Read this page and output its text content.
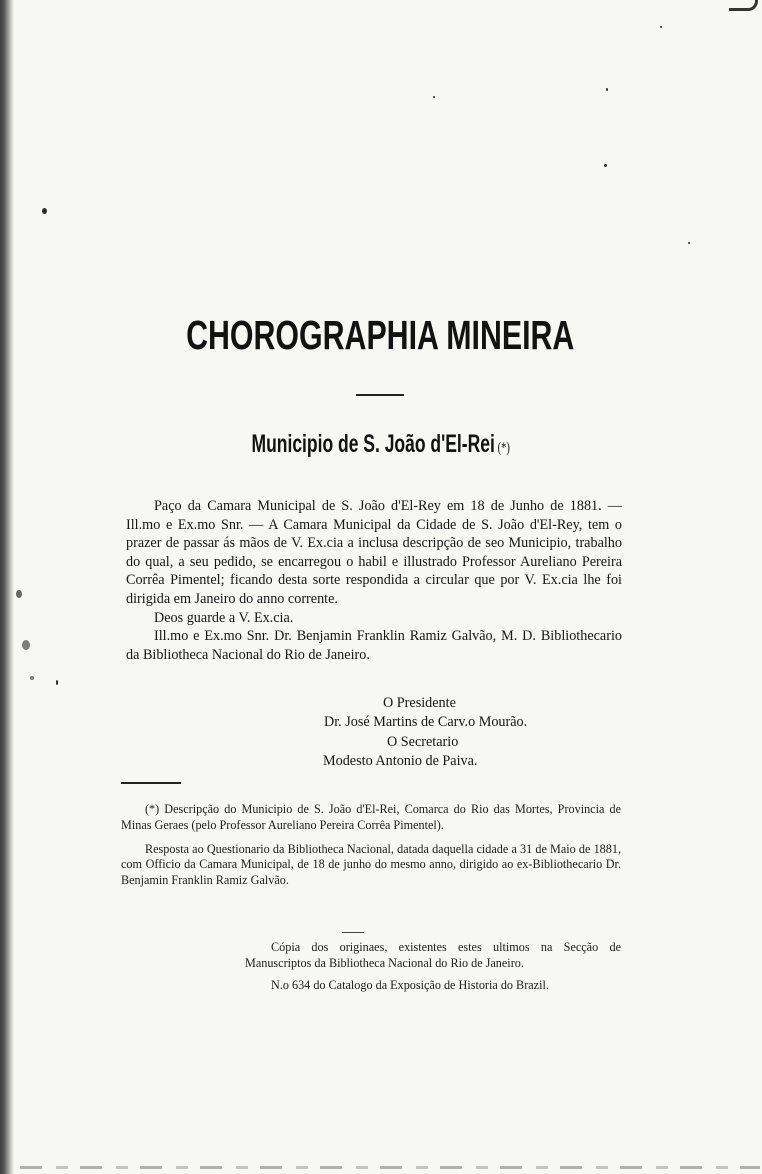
CHOROGRAPHIA MINEIRA
Municipio de S. João d'El-Rei (*)

Paço da Camara Municipal de S. João d'El-Rey em 18 de Junho de 1881. — Ill.mo e Ex.mo Snr. — A Camara Municipal da Cidade de S. João d'El-Rey, tem o prazer de passar ás mãos de V. Ex.cia a inclusa descripção de seo Municipio, trabalho do qual, a seu pedido, se encarregou o habil e illustrado Professor Aureliano Pereira Corrêa Pimentel; ficando desta sorte respondida a circular que por V. Ex.cia lhe foi dirigida em Janeiro do anno corrente.

Deos guarde a V. Ex.cia.

Ill.mo e Ex.mo Snr. Dr. Benjamin Franklin Ramiz Galvão, M. D. Bibliothecario da Bibliotheca Nacional do Rio de Janeiro.

O Presidente
Dr. José Martins de Carv.o Mourão.
O Secretario
Modesto Antonio de Paiva.

(*) Descripção do Municipio de S. João d'El-Rei, Comarca do Rio das Mortes, Provincia de Minas Geraes (pelo Professor Aureliano Pereira Corrêa Pimentel).

Resposta ao Questionario da Bibliotheca Nacional, datada daquella cidade a 31 de Maio de 1881, com Officio da Camara Municipal, de 18 de junho do mesmo anno, dirigido ao ex-Bibliothecario Dr. Benjamin Franklin Ramiz Galvão.

Cópia dos originaes, existentes estes ultimos na Secção de Manuscriptos da Bibliotheca Nacional do Rio de Janeiro.

N.o 634 do Catalogo da Exposição de Historia do Brazil.
